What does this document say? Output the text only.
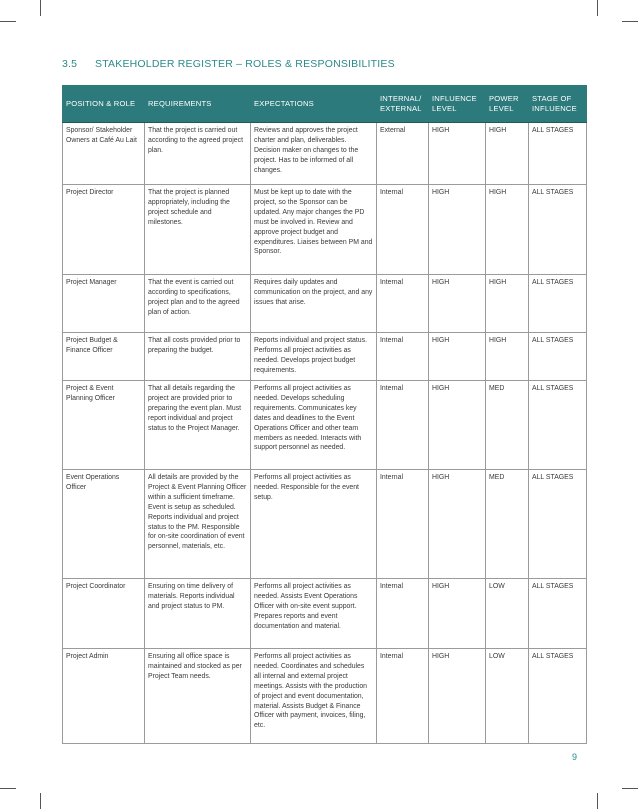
3.5 STAKEHOLDER REGISTER – ROLES & RESPONSIBILITIES
POSITION & ROLE	REQUIREMENTS	EXPECTATIONS	INTERNAL/ EXTERNAL	INFLUENCE LEVEL	POWER LEVEL	STAGE OF INFLUENCE
Sponsor/ Stakeholder Owners at Café Au Lait	That the project is carried out according to the agreed project plan.	Reviews and approves the project charter and plan, deliverables. Decision maker on changes to the project. Has to be informed of all changes.	External	HIGH	HIGH	ALL STAGES
Project Director	That the project is planned appropriately, including the project schedule and milestones.	Must be kept up to date with the project, so the Sponsor can be updated. Any major changes the PD must be involved in. Review and approve project budget and expenditures. Liaises between PM and Sponsor.	Internal	HIGH	HIGH	ALL STAGES
Project Manager	That the event is carried out according to specifications, project plan and to the agreed plan of action.	Requires daily updates and communication on the project, and any issues that arise.	Internal	HIGH	HIGH	ALL STAGES
Project Budget & Finance Officer	That all costs provided prior to preparing the budget.	Reports individual and project status. Performs all project activities as needed. Develops project budget requirements.	Internal	HIGH	HIGH	ALL STAGES
Project & Event Planning Officer	That all details regarding the project are provided prior to preparing the event plan. Must report individual and project status to the Project Manager.	Performs all project activities as needed. Develops scheduling requirements. Communicates key dates and deadlines to the Event Operations Officer and other team members as needed. Interacts with support personnel as needed.	Internal	HIGH	MED	ALL STAGES
Event Operations Officer	All details are provided by the Project & Event Planning Officer within a sufficient timeframe. Event is setup as scheduled. Reports individual and project status to the PM. Responsible for on-site coordination of event personnel, materials, etc.	Performs all project activities as needed. Responsible for the event setup.	Internal	HIGH	MED	ALL STAGES
Project Coordinator	Ensuring on time delivery of materials. Reports individual and project status to PM.	Performs all project activities as needed. Assists Event Operations Officer with on-site event support. Prepares reports and event documentation and material.	Internal	HIGH	LOW	ALL STAGES
Project Admin	Ensuring all office space is maintained and stocked as per Project Team needs.	Performs all project activities as needed. Coordinates and schedules all internal and external project meetings. Assists with the production of project and event documentation, material. Assists Budget & Finance Officer with payment, invoices, filing, etc.	Internal	HIGH	LOW	ALL STAGES
9
